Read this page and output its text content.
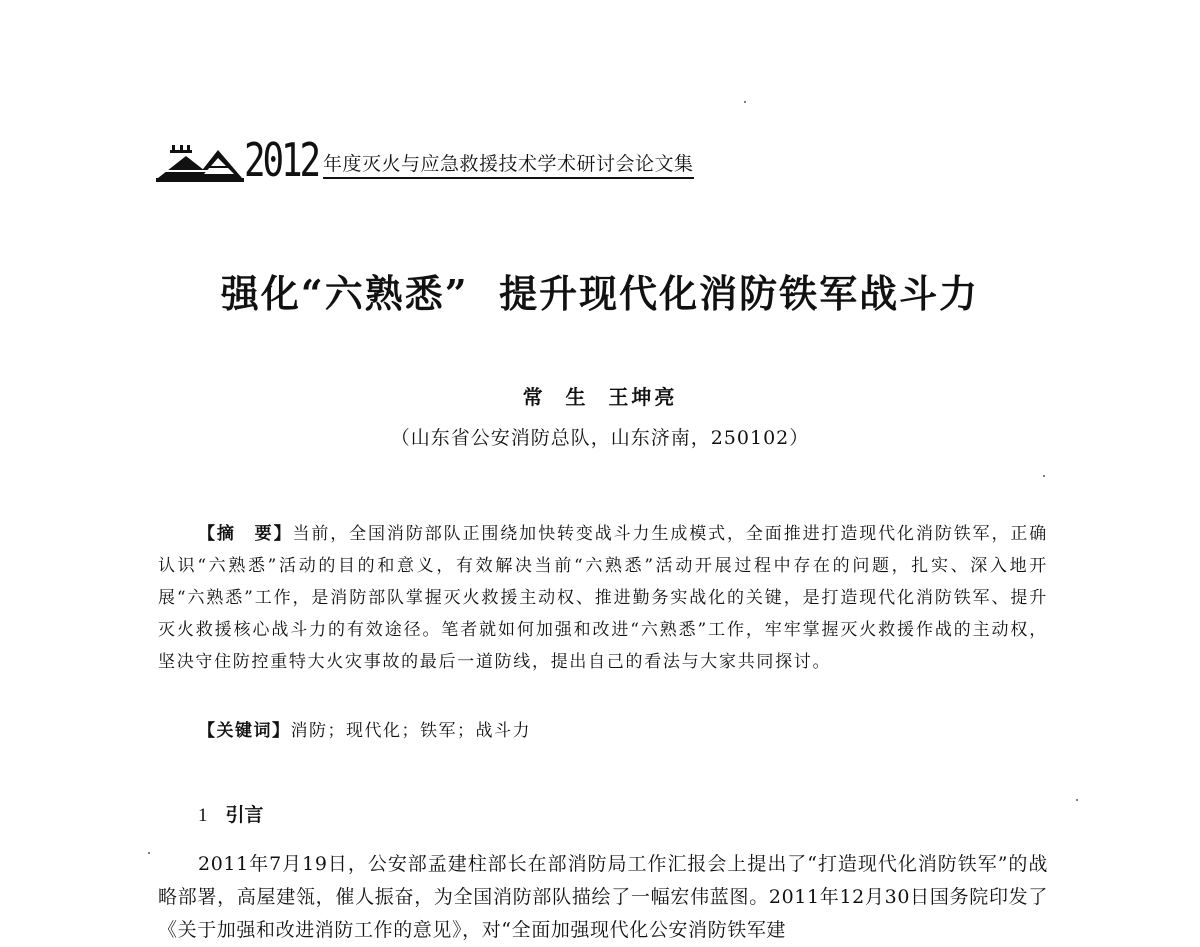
2012 年度灭火与应急救援技术学术研讨会论文集
强化“六熟悉”  提升现代化消防铁军战斗力
常  生  王坤亮
（山东省公安消防总队，山东济南，250102）
【摘　要】当前，全国消防部队正围绕加快转变战斗力生成模式，全面推进打造现代化消防铁军，正确认识“六熟悉”活动的目的和意义，有效解决当前“六熟悉”活动开展过程中存在的问题，扎实、深入地开展“六熟悉”工作，是消防部队掌握灭火救援主动权、推进勤务实战化的关键，是打造现代化消防铁军、提升灭火救援核心战斗力的有效途径。笔者就如何加强和改进“六熟悉”工作，牢牢掌握灭火救援作战的主动权，坚决守住防控重特大火灾事故的最后一道防线，提出自己的看法与大家共同探讨。
【关键词】消防；现代化；铁军；战斗力
1 引言
2011年7月19日，公安部孟建柱部长在部消防局工作汇报会上提出了“打造现代化消防铁军”的战略部署，高屋建瓴，催人振奋，为全国消防部队描绘了一幅宏伟蓝图。2011年12月30日国务院印发了《关于加强和改进消防工作的意见》，对“全面加强现代化公安消防铁军建
